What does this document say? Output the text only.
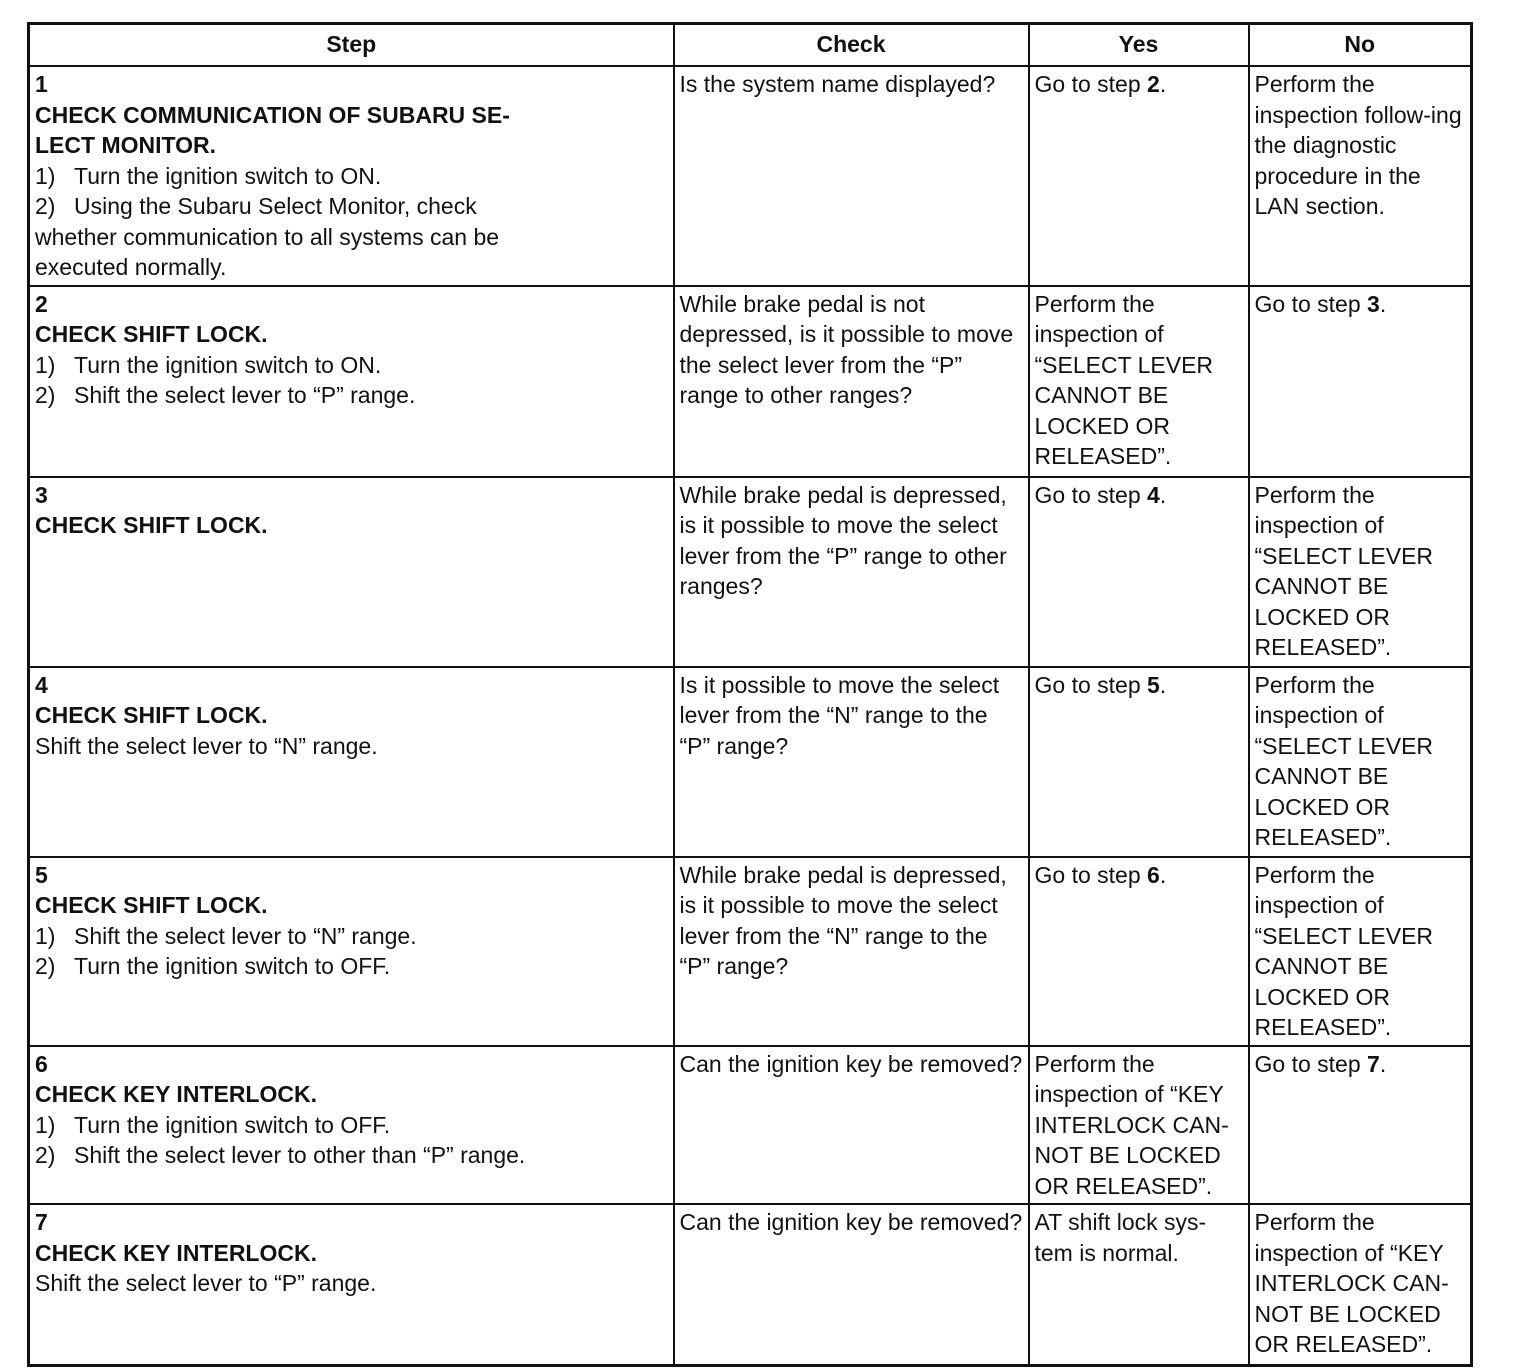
Step	Check	Yes	No
1
CHECK COMMUNICATION OF SUBARU SE-LECT MONITOR.
1) Turn the ignition switch to ON.
2) Using the Subaru Select Monitor, check whether communication to all systems can be executed normally.	Is the system name displayed?	Go to step 2.	Perform the inspection follow-ing the diagnostic procedure in the LAN section.
2
CHECK SHIFT LOCK.
1) Turn the ignition switch to ON.
2) Shift the select lever to “P” range.	While brake pedal is not depressed, is it possible to move the select lever from the “P” range to other ranges?	Perform the inspection of “SELECT LEVER CANNOT BE LOCKED OR RELEASED”.	Go to step 3.
3
CHECK SHIFT LOCK.	While brake pedal is depressed, is it possible to move the select lever from the “P” range to other ranges?	Go to step 4.	Perform the inspection of “SELECT LEVER CANNOT BE LOCKED OR RELEASED”.
4
CHECK SHIFT LOCK.
Shift the select lever to “N” range.	Is it possible to move the select lever from the “N” range to the “P” range?	Go to step 5.	Perform the inspection of “SELECT LEVER CANNOT BE LOCKED OR RELEASED”.
5
CHECK SHIFT LOCK.
1) Shift the select lever to “N” range.
2) Turn the ignition switch to OFF.	While brake pedal is depressed, is it possible to move the select lever from the “N” range to the “P” range?	Go to step 6.	Perform the inspection of “SELECT LEVER CANNOT BE LOCKED OR RELEASED”.
6
CHECK KEY INTERLOCK.
1) Turn the ignition switch to OFF.
2) Shift the select lever to other than “P” range.	Can the ignition key be removed?	Perform the inspection of “KEY INTERLOCK CAN-NOT BE LOCKED OR RELEASED”.	Go to step 7.
7
CHECK KEY INTERLOCK.
Shift the select lever to “P” range.	Can the ignition key be removed?	AT shift lock sys-tem is normal.	Perform the inspection of “KEY INTERLOCK CAN-NOT BE LOCKED OR RELEASED”.
